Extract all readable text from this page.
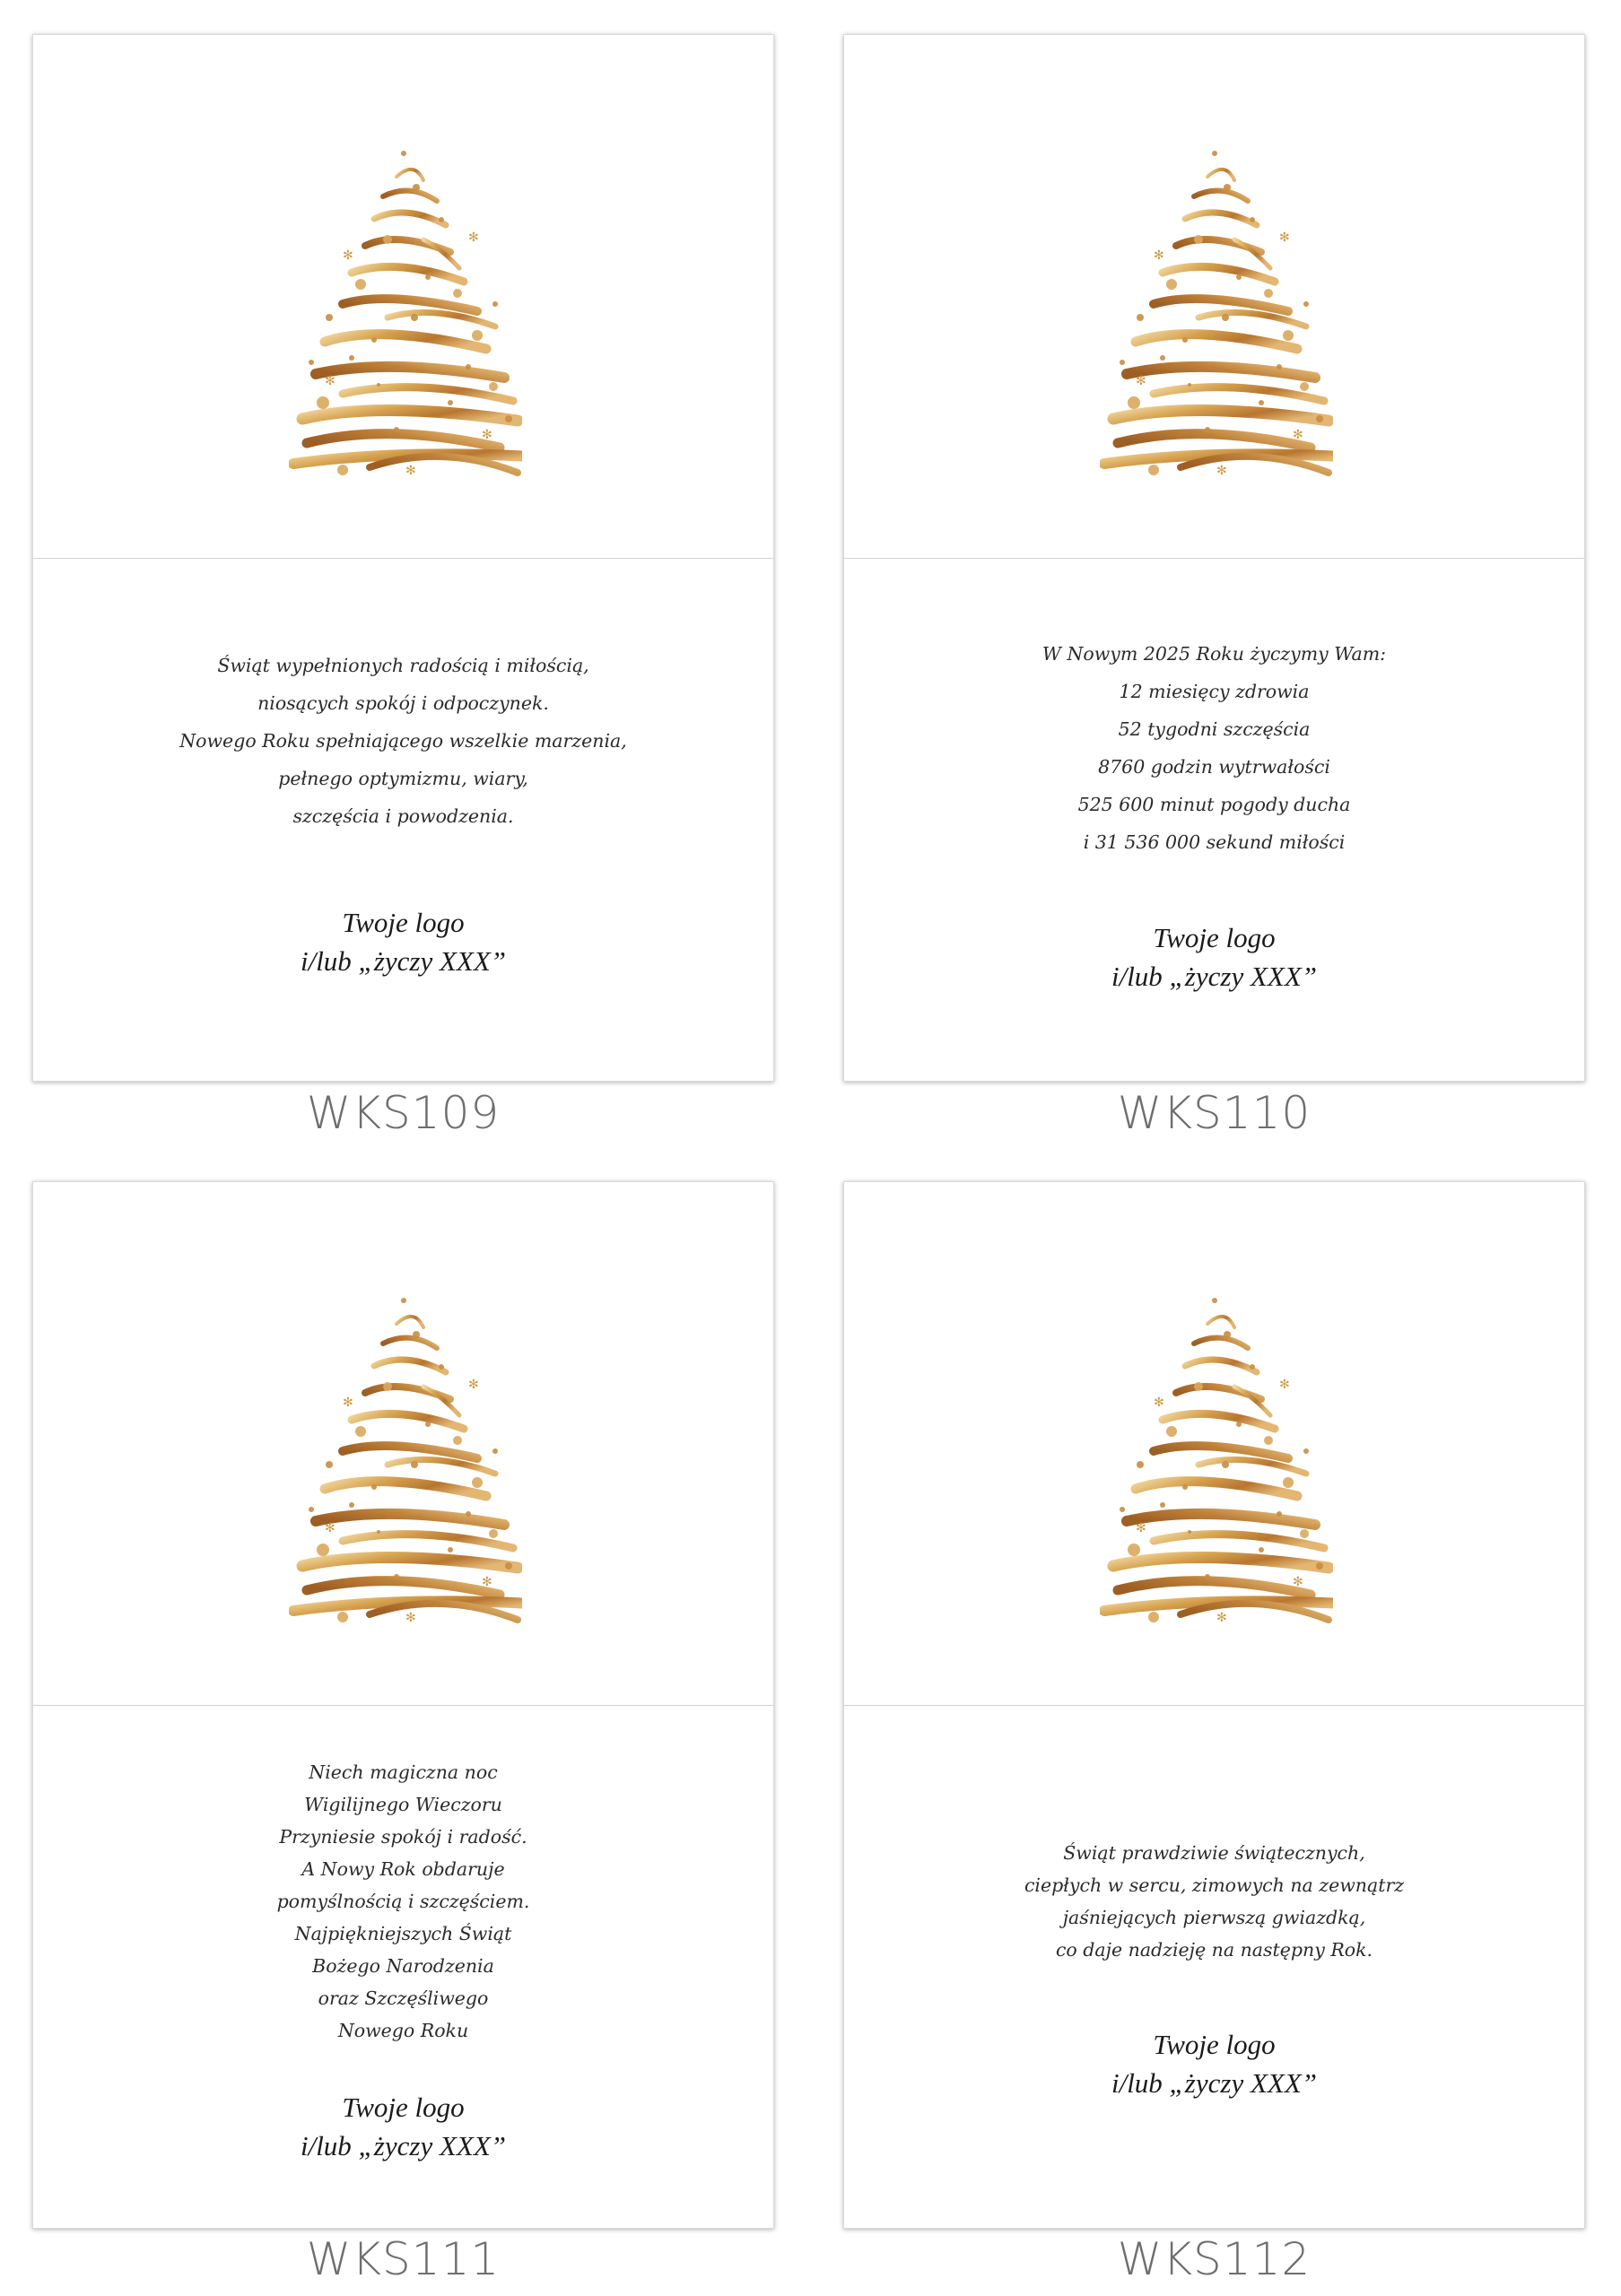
✻
✻
✻
✻
✻
Świąt wypełnionych radością i miłością,
niosących spokój i odpoczynek.
Nowego Roku spełniającego wszelkie marzenia,
pełnego optymizmu, wiary,
szczęścia i powodzenia.
Twoje logo
i/lub „życzy XXX”
WKS109
✻
✻
✻
✻
✻
W Nowym 2025 Roku życzymy Wam:
12 miesięcy zdrowia
52 tygodni szczęścia
8760 godzin wytrwałości
525 600 minut pogody ducha
i 31 536 000 sekund miłości
Twoje logo
i/lub „życzy XXX”
WKS110
✻
✻
✻
✻
✻
Niech magiczna noc
Wigilijnego Wieczoru
Przyniesie spokój i radość.
A Nowy Rok obdaruje
pomyślnością i szczęściem.
Najpiękniejszych Świąt
Bożego Narodzenia
oraz Szczęśliwego
Nowego Roku
Twoje logo
i/lub „życzy XXX”
WKS111
✻
✻
✻
✻
✻
Świąt prawdziwie świątecznych,
ciepłych w sercu, zimowych na zewnątrz
jaśniejących pierwszą gwiazdką,
co daje nadzieję na następny Rok.
Twoje logo
i/lub „życzy XXX”
WKS112
